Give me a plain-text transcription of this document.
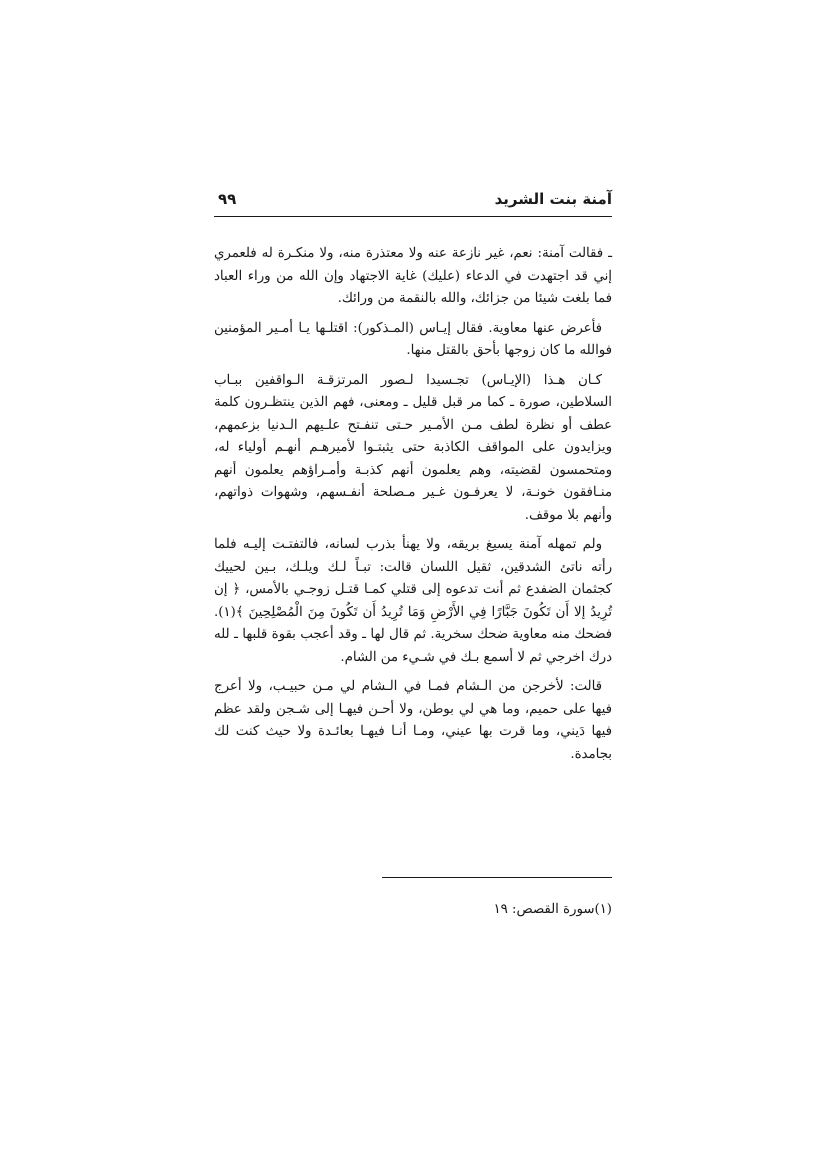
آمنة بنت الشريد
٩٩

ـ فقالت آمنة: نعم، غير نازعة عنه ولا معتذرة منه، ولا منكـرة له فلعمري إني قد اجتهدت في الدعاء (عليك) غاية الاجتهاد وإن الله من وراء العباد فما بلغت شيئا من جزائك، والله بالنقمة من ورائك.

فأعرض عنها معاوية. فقال إيـاس (المـذكور): اقتلـها يـا أمـير المؤمنين فوالله ما كان زوجها بأحق بالقتل منها.

كـان هـذا (الإيـاس) تجـسيدا لـصور المرتزقـة الـواقفين ببـاب السلاطين، صورة ـ كما مر قبل قليل ـ ومعنى، فهم الذين ينتظـرون كلمة عطف أو نظرة لطف مـن الأمـير حـتى تنفـتح علـيهم الـدنيا بزعمهم، ويزايدون على المواقف الكاذبة حتى يثبتـوا لأميرهـم أنهـم أولياء له، ومتحمسون لقضيته، وهم يعلمون أنهم كذبـة وأمـراؤهم يعلمون أنهم منـافقون خونـة، لا يعرفـون غـير مـصلحة أنفـسهم، وشهوات ذواتهم، وأنهم بلا موقف.

ولم تمهله آمنة يسيغ بريقه، ولا يهنأ بذرب لسانه، فالتفتـت إليـه فلما رأته ناتئ الشدقين، ثقيل اللسان قالت: تبـاً لـك ويلـك، بـين لحييك كجثمان الضفدع ثم أنت تدعوه إلى قتلي كمـا قتـل زوجـي بالأمس، ﴿ إن تُرِيدُ إلا أَن تَكُونَ جَبَّارًا فِي الأَرْضِ وَمَا تُرِيدُ أَن تَكُونَ مِنَ الْمُصْلِحِينَ ﴾(١). فضحك منه معاوية ضحك سخرية. ثم قال لها ـ وقد أعجب بقوة قلبها ـ لله درك اخرجي ثم لا أسمع بـك في شـيء من الشام.

قالت: لأخرجن من الـشام فمـا في الـشام لي مـن حبيـب، ولا أعرج فيها على حميم، وما هي لي بوطن، ولا أحـن فيهـا إلى شـجن ولقد عظم فيها دَيني، وما قرت بها عيني، ومـا أنـا فيهـا بعائـدة ولا حيث كنت لك بجامدة.

(١)سورة القصص: ١٩
